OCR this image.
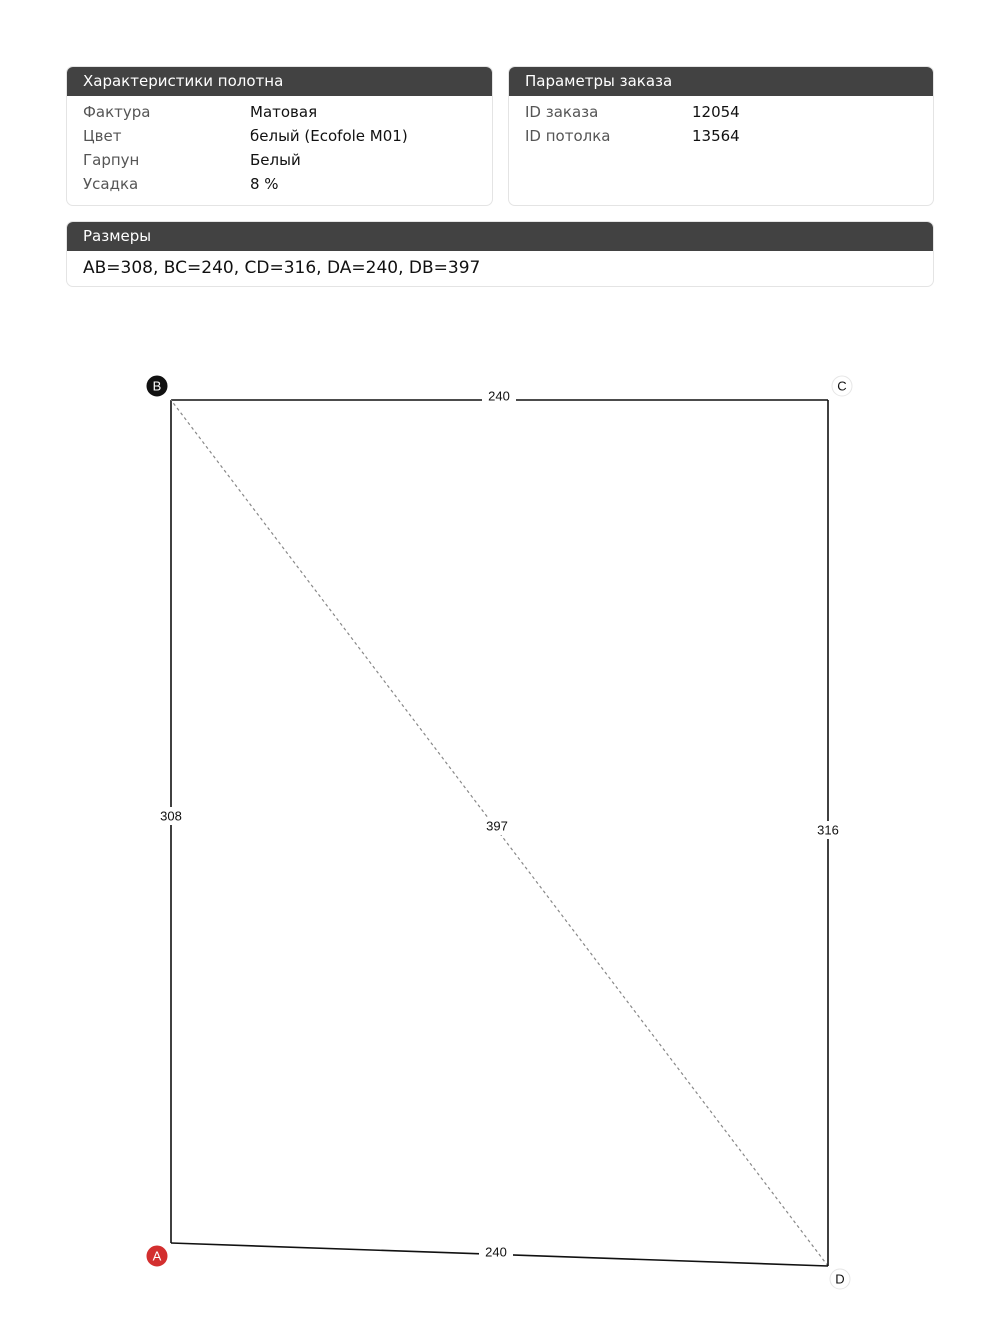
Характеристики полотна
Фактура	Матовая
Цвет	белый (Ecofole M01)
Гарпун	Белый
Усадка	8 %
Параметры заказа
ID заказа	12054
ID потолка	13564
Размеры
AB=308, BC=240, CD=316, DA=240, DB=397
240
308
397	316
240
A
B	C
D
